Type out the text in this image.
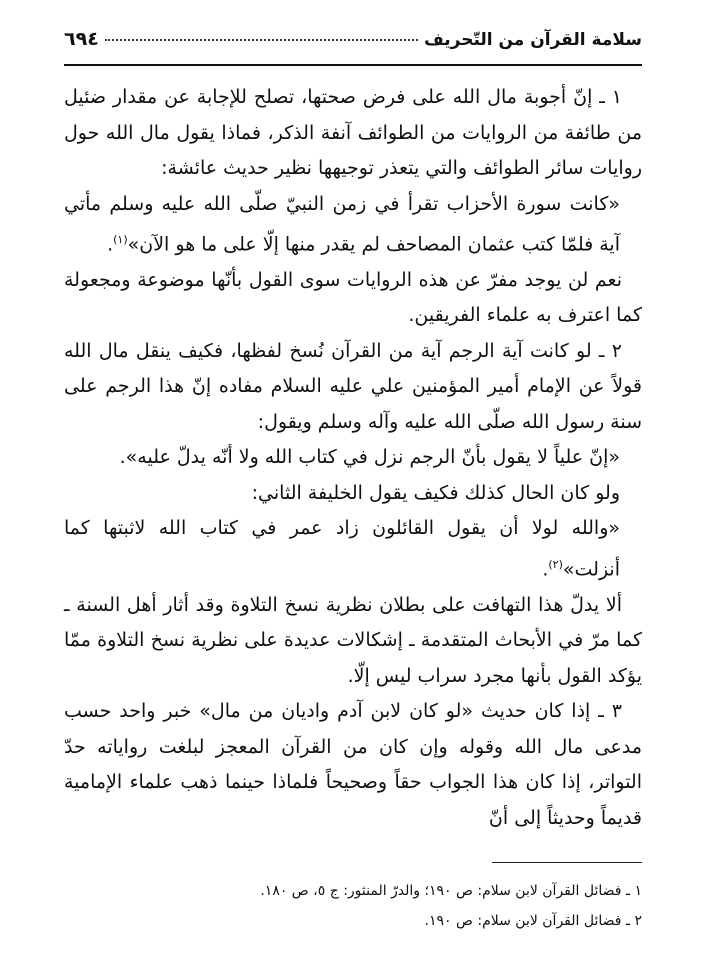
سلامة القرآن من التّحريف
٦٩٤

١ ـ إنّ أجوبة مال الله على فرض صحتها، تصلح للإجابة عن مقدار ضئيل من طائفة من الروايات من الطوائف آنفة الذكر، فماذا يقول مال الله حول روايات سائر الطوائف والتي يتعذر توجيهها نظير حديث عائشة:

«كانت سورة الأحزاب تقرأ في زمن النبيّ صلّى الله عليه وسلم مأتي آية فلمّا كتب عثمان المصاحف لم يقدر منها إلّا على ما هو الآن»$^{(١)}$.

نعم لن يوجد مفرّ عن هذه الروايات سوى القول بأنّها موضوعة ومجعولة كما اعترف به علماء الفريقين.

٢ ـ لو كانت آية الرجم آية من القرآن نُسخ لفظها، فكيف ينقل مال الله قولاً عن الإمام أمير المؤمنين علي عليه السلام مفاده إنّ هذا الرجم على سنة رسول الله صلّى الله عليه وآله وسلم ويقول:

«إنّ علياً لا يقول بأنّ الرجم نزل في كتاب الله ولا أنّه يدلّ عليه».

ولو كان الحال كذلك فكيف يقول الخليفة الثاني:

«والله لولا أن يقول القائلون زاد عمر في كتاب الله لاثبتها كما أنزلت»$^{(٢)}$.

ألا يدلّ هذا التهافت على بطلان نظرية نسخ التلاوة وقد أثار أهل السنة ـ كما مرّ في الأبحاث المتقدمة ـ إشكالات عديدة على نظرية نسخ التلاوة ممّا يؤكد القول بأنها مجرد سراب ليس إلّا.

٣ ـ إذا كان حديث «لو كان لابن آدم واديان من مال» خبر واحد حسب مدعى مال الله وقوله وإن كان من القرآن المعجز لبلغت رواياته حدّ التواتر، إذا كان هذا الجواب حقاً وصحيحاً فلماذا حينما ذهب علماء الإمامية قديماً وحديثاً إلى أنّ

١ ـ فضائل القرآن لابن سلام: ص ١٩٠؛ والدرّ المنثور: ج ٥، ص ١٨٠.

٢ ـ فضائل القرآن لابن سلام: ص ١٩٠.
